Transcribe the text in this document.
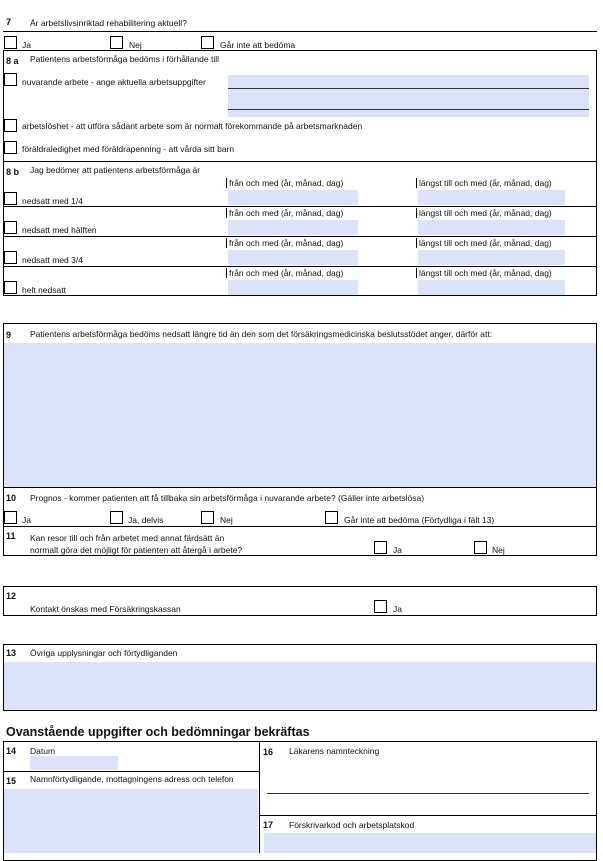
7 Är arbetslivsinriktad rehabilitering aktuell?
Ja	Nej	Går inte att bedöma
8 a Patientens arbetsförmåga bedöms i förhållande till
nuvarande arbete - ange aktuella arbetsuppgifter
arbetslöshet - att utföra sådant arbete som är normalt förekommande på arbetsmarknaden
föräldraledighet med föräldrapenning - att vårda sitt barn
8 b Jag bedömer att patientens arbetsförmåga är
från och med (år, månad, dag)	längst till och med (år, månad, dag)
nedsatt med 1/4
från och med (år, månad, dag)	längst till och med (år, månad, dag)
nedsatt med hälften
från och med (år, månad, dag)	längst till och med (år, månad, dag)
nedsatt med 3/4
från och med (år, månad, dag)	längst till och med (år, månad, dag)
helt nedsatt
9 Patientens arbetsförmåga bedöms nedsatt längre tid än den som det försäkringsmedicinska beslutsstödet anger, därför att:
10 Prognos - kommer patienten att få tillbaka sin arbetsförmåga i nuvarande arbete? (Gäller inte arbetslösa)
Ja	Ja, delvis	Nej	Går inte att bedöma (Förtydliga i fält 13)
11 Kan resor till och från arbetet med annat färdsätt än
normalt göra det möjligt för patienten att återgå i arbete?	Ja	Nej
12
Kontakt önskas med Försäkringskassan	Ja
13 Övriga upplysningar och förtydliganden
Ovanstående uppgifter och bedömningar bekräftas
14 Datum
15 Namnförtydligande, mottagningens adress och telefon
16 Läkarens namnteckning
17 Förskrivarkod och arbetsplatskod
